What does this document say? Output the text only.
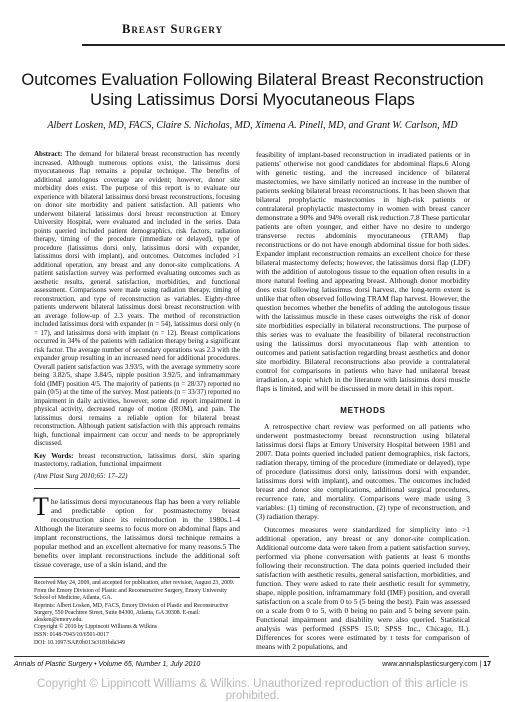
Breast Surgery
Outcomes Evaluation Following Bilateral Breast Reconstruction Using Latissimus Dorsi Myocutaneous Flaps
Albert Losken, MD, FACS, Claire S. Nicholas, MD, Ximena A. Pinell, MD, and Grant W. Carlson, MD

Abstract: The demand for bilateral breast reconstruction has recently increased. Although numerous options exist, the latissimus dorsi myocutaneous flap remains a popular technique. The benefits of additional autologous coverage are evident; however, donor site morbidity does exist. The purpose of this report is to evaluate our experience with bilateral latissimus dorsi breast reconstructions, focusing on donor site morbidity and patient satisfaction. All patients who underwent bilateral latissimus dorsi breast reconstruction at Emory University Hospital, were evaluated and included in the series. Data points queried included patient demographics, risk factors, radiation therapy, timing of the procedure (immediate or delayed), type of procedure (latissimus dorsi only, latissimus dorsi with expander, latissimus dorsi with implant), and outcomes. Outcomes included >1 additional operation, any breast and any donor-site complications. A patient satisfaction survey was performed evaluating outcomes such as aesthetic results, general satisfaction, morbidities, and functional assessment. Comparisons were made using radiation therapy, timing of reconstruction, and type of reconstruction as variables. Eighty-three patients underwent bilateral latissimus dorsi breast reconstruction with an average follow-up of 2.3 years. The method of reconstruction included latissimus dorsi with expander (n = 54), latissimus dorsi only (n = 17), and latissimus dorsi with implant (n = 12). Breast complications occurred in 34% of the patients with radiation therapy being a significant risk factor. The average number of secondary operations was 2.3 with the expander group resulting in an increased need for additional procedures. Overall patient satisfaction was 3.93/5, with the average symmetry score being 3.82/5, shape 3.84/5, nipple position 3.92/5, and inframammary fold (IMF) position 4/5. The majority of patients (n = 28/37) reported no pain (0/5) at the time of the survey. Most patients (n = 33/37) reported no impairment in daily activities, however, some did report impairment in physical activity, decreased range of motion (ROM), and pain. The latissimus dorsi remains a reliable option for bilateral breast reconstruction. Although patient satisfaction with this approach remains high, functional impairment can occur and needs to be appropriately discussed.

Key Words: breast reconstruction, latissimus dorsi, skin sparing mastectomy, radiation, functional impairment

(Ann Plast Surg 2010;65: 17–22)

The latissimus dorsi myocutaneous flap has been a very reliable and predictable option for postmastectomy breast reconstruction since its reintroduction in the 1980s.1–4 Although the literature seems to focus more on abdominal flaps and implant reconstructions, the latissimus dorsi technique remains a popular method and an excellent alternative for many reasons.5 The benefits over implant reconstructions include the additional soft tissue coverage, use of a skin island, and the

Received May 24, 2009, and accepted for publication, after revision, August 23, 2009.

From the Emory Division of Plastic and Reconstructive Surgery, Emory University School of Medicine, Atlanta, GA.

Reprints: Albert Losken, MD, FACS, Emory Division of Plastic and Reconstructive Surgery, 550 Peachtree Street, Suite 84300, Atlanta, GA 30308. E-mail: alosken@emory.edu.

Copyright © 2010 by Lippincott Williams & Wilkins

ISSN: 0148-7043/10/6501-0017

DOI: 10.1097/SAP.0b013e3181bda349

feasibility of implant-based reconstruction in irradiated patients or in patients' otherwise not good candidates for abdominal flaps.6 Along with genetic testing, and the increased incidence of bilateral mastectomies, we have similarly noticed an increase in the number of patients seeking bilateral breast reconstructions. It has been shown that bilateral prophylactic mastectomies in high-risk patients or contralateral prophylactic mastectomy in women with breast cancer demonstrate a 90% and 94% overall risk reduction.7,8 These particular patients are often younger, and either have no desire to undergo transverse rectus abdominis myocutaneous (TRAM) flap reconstructions or do not have enough abdominal tissue for both sides. Expander implant reconstruction remains an excellent choice for these bilateral mastectomy defects; however, the latissimus dorsi flap (LDF) with the addition of autologous tissue to the equation often results in a more natural feeling and appearing breast. Although donor morbidity does exist following latissimus dorsi harvest, the long-term extent is unlike that often observed following TRAM flap harvest. However, the question becomes whether the benefits of adding the autologous tissue with the latissimus muscle in these cases outweighs the risk of donor site morbidities especially in bilateral reconstructions. The purpose of this series was to evaluate the feasibility of bilateral reconstruction using the latissimus dorsi myocutaneous flap with attention to outcomes and patient satisfaction regarding breast aesthetics and donor site morbidity. Bilateral reconstructions also provide a contralateral control for comparisons in patients who have had unilateral breast irradiation, a topic which in the literature with latissimus dorsi muscle flaps is limited, and will be discussed in more detail in this report.

METHODS

A retrospective chart review was performed on all patients who underwent postmastectomy breast reconstruction using bilateral latissimus dorsi flaps at Emory University Hospital between 1981 and 2007. Data points queried included patient demographics, risk factors, radiation therapy, timing of the procedure (immediate or delayed), type of procedure (latissimus dorsi only, latissimus dorsi with expander, latissimus dorsi with implant), and outcomes. The outcomes included breast and donor site complications, additional surgical procedures, recurrence rate, and mortality. Comparisons were made using 3 variables: (1) timing of reconstruction, (2) type of reconstruction, and (3) radiation therapy.

Outcomes measures were standardized for simplicity into >1 additional operation, any breast or any donor-site complication. Additional outcome data were taken from a patient satisfaction survey, performed via phone conversation with patients at least 6 months following their reconstruction. The data points queried included their satisfaction with aesthetic results, general satisfaction, morbidities, and function. They were asked to rate their aesthetic result for symmetry, shape, nipple position, inframammary fold (IMF) position, and overall satisfaction on a scale from 0 to 5 (5 being the best). Pain was assessed on a scale from 0 to 5, with 0 being no pain and 5 being severe pain. Functional impairment and disability were also queried. Statistical analysis was performed (SSPS 15.0; SPSS Inc., Chicago, IL). Differences for scores were estimated by t tests for comparison of means with 2 populations, and

Annals of Plastic Surgery • Volume 65, Number 1, July 2010	www.annalsplasticsurgery.com | 17
Copyright © Lippincott Williams & Wilkins. Unauthorized reproduction of this article is prohibited.
